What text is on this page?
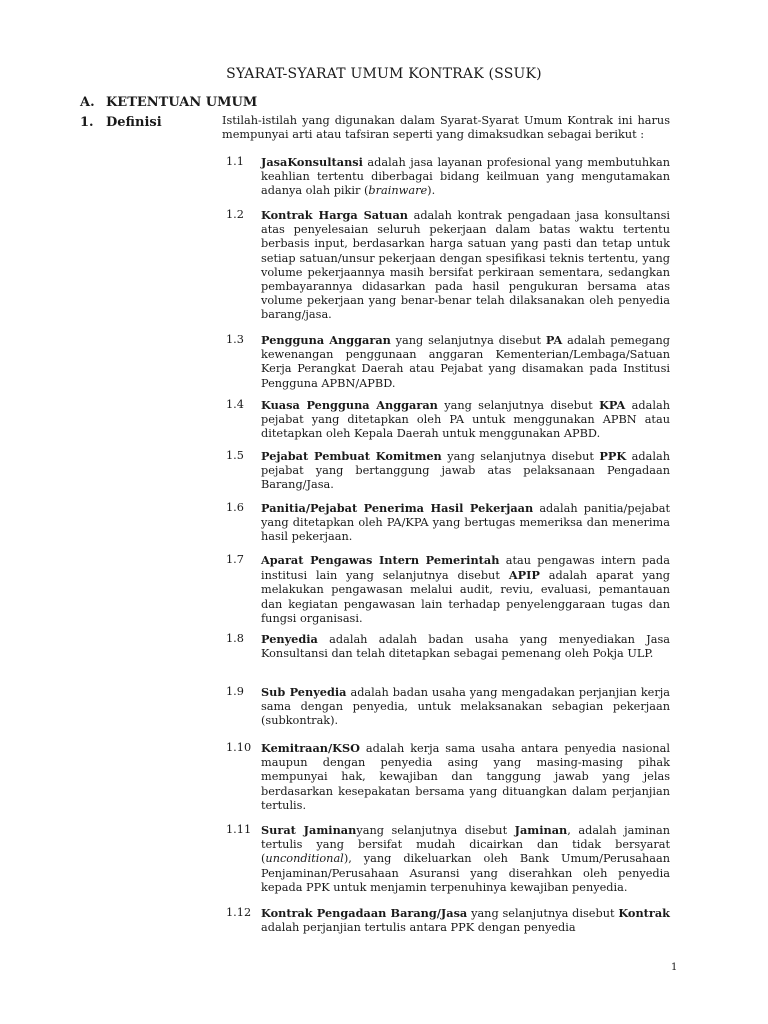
SYARAT-SYARAT UMUM KONTRAK (SSUK)
A. KETENTUAN UMUM
1. Definisi	Istilah-istilah yang digunakan dalam Syarat-Syarat Umum Kontrak ini harus mempunyai arti atau tafsiran seperti yang dimaksudkan sebagai berikut :
1.1 JasaKonsultansi adalah jasa layanan profesional yang membutuhkan keahlian tertentu diberbagai bidang keilmuan yang mengutamakan adanya olah pikir (brainware).
1.2 Kontrak Harga Satuan adalah kontrak pengadaan jasa konsultansi atas penyelesaian seluruh pekerjaan dalam batas waktu tertentu berbasis input, berdasarkan harga satuan yang pasti dan tetap untuk setiap satuan/unsur pekerjaan dengan spesifikasi teknis tertentu, yang volume pekerjaannya masih bersifat perkiraan sementara, sedangkan pembayarannya didasarkan pada hasil pengukuran bersama atas volume pekerjaan yang benar-benar telah dilaksanakan oleh penyedia barang/jasa.
1.3 Pengguna Anggaran yang selanjutnya disebut PA adalah pemegang kewenangan penggunaan anggaran Kementerian/Lembaga/Satuan Kerja Perangkat Daerah atau Pejabat yang disamakan pada Institusi Pengguna APBN/APBD.
1.4 Kuasa Pengguna Anggaran yang selanjutnya disebut KPA adalah pejabat yang ditetapkan oleh PA untuk menggunakan APBN atau ditetapkan oleh Kepala Daerah untuk menggunakan APBD.
1.5 Pejabat Pembuat Komitmen yang selanjutnya disebut PPK adalah pejabat yang bertanggung jawab atas pelaksanaan Pengadaan Barang/Jasa.
1.6 Panitia/Pejabat Penerima Hasil Pekerjaan adalah panitia/pejabat yang ditetapkan oleh PA/KPA yang bertugas memeriksa dan menerima hasil pekerjaan.
1.7 Aparat Pengawas Intern Pemerintah atau pengawas intern pada institusi lain yang selanjutnya disebut APIP adalah aparat yang melakukan pengawasan melalui audit, reviu, evaluasi, pemantauan dan kegiatan pengawasan lain terhadap penyelenggaraan tugas dan fungsi organisasi.
1.8 Penyedia adalah adalah badan usaha yang menyediakan Jasa Konsultansi dan telah ditetapkan sebagai pemenang oleh Pokja ULP.
1.9 Sub Penyedia adalah badan usaha yang mengadakan perjanjian kerja sama dengan penyedia, untuk melaksanakan sebagian pekerjaan (subkontrak).
1.10 Kemitraan/KSO adalah kerja sama usaha antara penyedia nasional maupun dengan penyedia asing yang masing-masing pihak mempunyai hak, kewajiban dan tanggung jawab yang jelas berdasarkan kesepakatan bersama yang dituangkan dalam perjanjian tertulis.
1.11 Surat Jaminanyang selanjutnya disebut Jaminan, adalah jaminan tertulis yang bersifat mudah dicairkan dan tidak bersyarat (unconditional), yang dikeluarkan oleh Bank Umum/Perusahaan Penjaminan/Perusahaan Asuransi yang diserahkan oleh penyedia kepada PPK untuk menjamin terpenuhinya kewajiban penyedia.
1.12 Kontrak Pengadaan Barang/Jasa yang selanjutnya disebut Kontrak adalah perjanjian tertulis antara PPK dengan penyedia
1
